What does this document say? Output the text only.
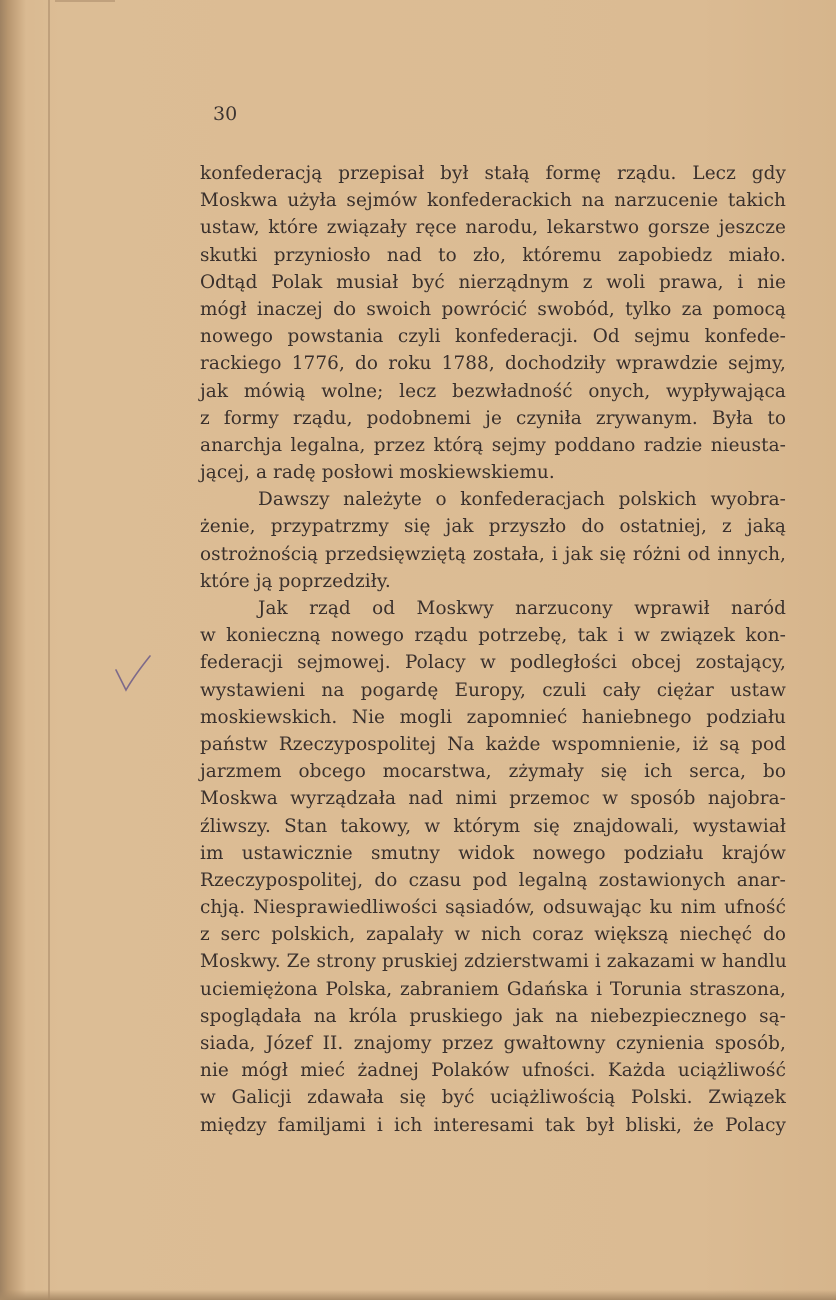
30
konfederacją przepisał był stałą formę rządu. Lecz gdy
Moskwa użyła sejmów konfederackich na narzucenie takich
ustaw, które związały ręce narodu, lekarstwo gorsze jeszcze
skutki przyniosło nad to zło, któremu zapobiedz miało.
Odtąd Polak musiał być nierządnym z woli prawa, i nie
mógł inaczej do swoich powrócić swobód, tylko za pomocą
nowego powstania czyli konfederacji. Od sejmu konfede-
rackiego 1776, do roku 1788, dochodziły wprawdzie sejmy,
jak mówią wolne; lecz bezwładność onych, wypływająca
z formy rządu, podobnemi je czyniła zrywanym. Była to
anarchja legalna, przez którą sejmy poddano radzie nieusta-
jącej, a radę posłowi moskiewskiemu.
Dawszy należyte o konfederacjach polskich wyobra-
żenie, przypatrzmy się jak przyszło do ostatniej, z jaką
ostrożnością przedsięwziętą została, i jak się różni od innych,
które ją poprzedziły.
Jak rząd od Moskwy narzucony wprawił naród
w konieczną nowego rządu potrzebę, tak i w związek kon-
federacji sejmowej. Polacy w podległości obcej zostający,
wystawieni na pogardę Europy, czuli cały ciężar ustaw
moskiewskich. Nie mogli zapomnieć haniebnego podziału
państw Rzeczypospolitej Na każde wspomnienie, iż są pod
jarzmem obcego mocarstwa, zżymały się ich serca, bo
Moskwa wyrządzała nad nimi przemoc w sposób najobra-
źliwszy. Stan takowy, w którym się znajdowali, wystawiał
im ustawicznie smutny widok nowego podziału krajów
Rzeczypospolitej, do czasu pod legalną zostawionych anar-
chją. Niesprawiedliwości sąsiadów, odsuwając ku nim ufność
z serc polskich, zapalały w nich coraz większą niechęć do
Moskwy. Ze strony pruskiej zdzierstwami i zakazami w handlu
uciemiężona Polska, zabraniem Gdańska i Torunia straszona,
spoglądała na króla pruskiego jak na niebezpiecznego są-
siada, Józef II. znajomy przez gwałtowny czynienia sposób,
nie mógł mieć żadnej Polaków ufności. Każda uciążliwość
w Galicji zdawała się być uciążliwością Polski. Związek
między familjami i ich interesami tak był bliski, że Polacy
